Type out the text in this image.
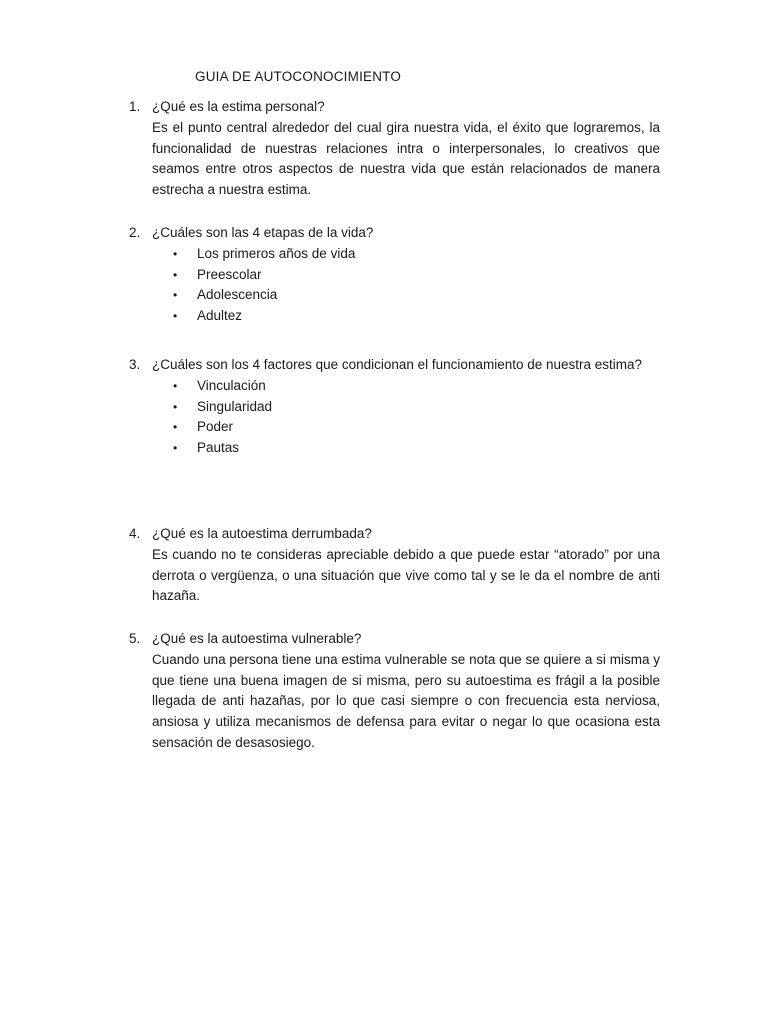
GUIA DE AUTOCONOCIMIENTO
1. ¿Qué es la estima personal?
Es el punto central alrededor del cual gira nuestra vida, el éxito que lograremos, la funcionalidad de nuestras relaciones intra o interpersonales, lo creativos que seamos entre otros aspectos de nuestra vida que están relacionados de manera estrecha a nuestra estima.
2. ¿Cuáles son las 4 etapas de la vida?
• Los primeros años de vida
• Preescolar
• Adolescencia
• Adultez
3. ¿Cuáles son los 4 factores que condicionan el funcionamiento de nuestra estima?
• Vinculación
• Singularidad
• Poder
• Pautas
4. ¿Qué es la autoestima derrumbada?
Es cuando no te consideras apreciable debido a que puede estar “atorado” por una derrota o vergüenza, o una situación que vive como tal y se le da el nombre de anti hazaña.
5. ¿Qué es la autoestima vulnerable?
Cuando una persona tiene una estima vulnerable se nota que se quiere a si misma y que tiene una buena imagen de si misma, pero su autoestima es frágil a la posible llegada de anti hazañas, por lo que casi siempre o con frecuencia esta nerviosa, ansiosa y utiliza mecanismos de defensa para evitar o negar lo que ocasiona esta sensación de desasosiego.
